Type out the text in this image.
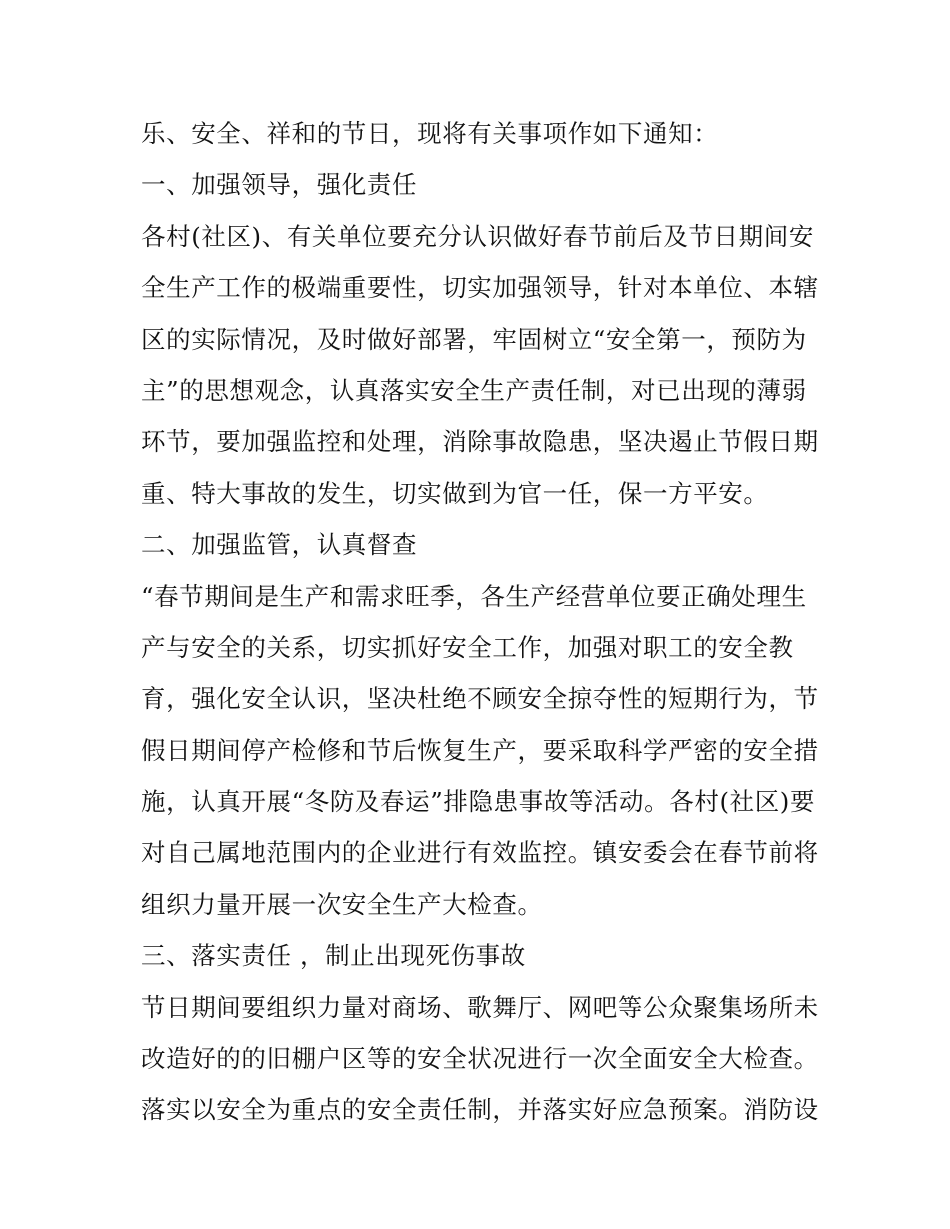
乐、安全、祥和的节日，现将有关事项作如下通知：
一、加强领导，强化责任
各村(社区)、有关单位要充分认识做好春节前后及节日期间安
全生产工作的极端重要性，切实加强领导，针对本单位、本辖
区的实际情况，及时做好部署，牢固树立“安全第一，预防为
主”的思想观念，认真落实安全生产责任制，对已出现的薄弱
环节，要加强监控和处理，消除事故隐患，坚决遏止节假日期
重、特大事故的发生，切实做到为官一任，保一方平安。
二、加强监管，认真督查
“春节期间是生产和需求旺季，各生产经营单位要正确处理生
产与安全的关系，切实抓好安全工作，加强对职工的安全教
育，强化安全认识，坚决杜绝不顾安全掠夺性的短期行为，节
假日期间停产检修和节后恢复生产，要采取科学严密的安全措
施，认真开展“冬防及春运”排隐患事故等活动。各村(社区)要
对自己属地范围内的企业进行有效监控。镇安委会在春节前将
组织力量开展一次安全生产大检查。
三、落实责任 ，制止出现死伤事故
节日期间要组织力量对商场、歌舞厅、网吧等公众聚集场所未
改造好的的旧棚户区等的安全状况进行一次全面安全大检查。
落实以安全为重点的安全责任制，并落实好应急预案。消防设
